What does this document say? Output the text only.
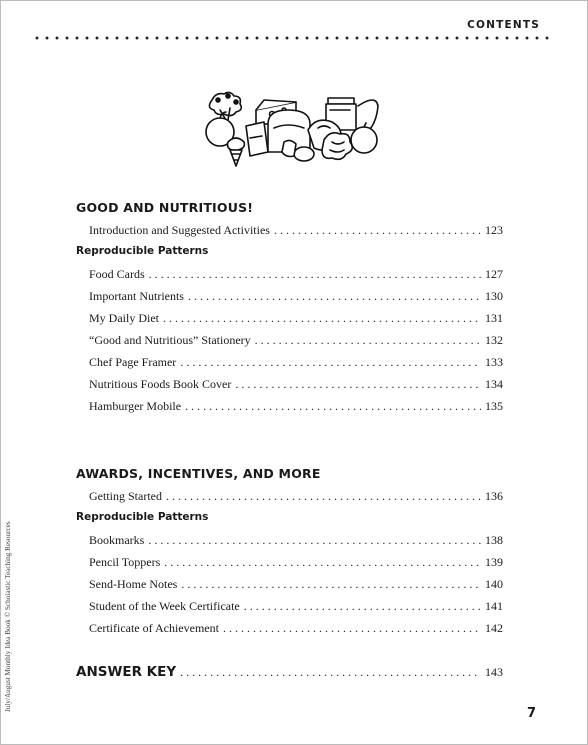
CONTENTS
GOOD AND NUTRITIOUS!
Introduction and Suggested Activities . . .	123
Reproducible Patterns
Food Cards . . .	127
Important Nutrients . . .	130
My Daily Diet . . .	131
“Good and Nutritious” Stationery . . .	132
Chef Page Framer . . .	133
Nutritious Foods Book Cover . . .	134
Hamburger Mobile . . .	135
AWARDS, INCENTIVES, AND MORE
Getting Started . . .	136
Reproducible Patterns
Bookmarks . . .	138
Pencil Toppers . . .	139
Send-Home Notes . . .	140
Student of the Week Certificate . . .	141
Certificate of Achievement . . .	142
ANSWER KEY . . .	143
July/August Monthly Idea Book © Scholastic Teaching Resources
7
